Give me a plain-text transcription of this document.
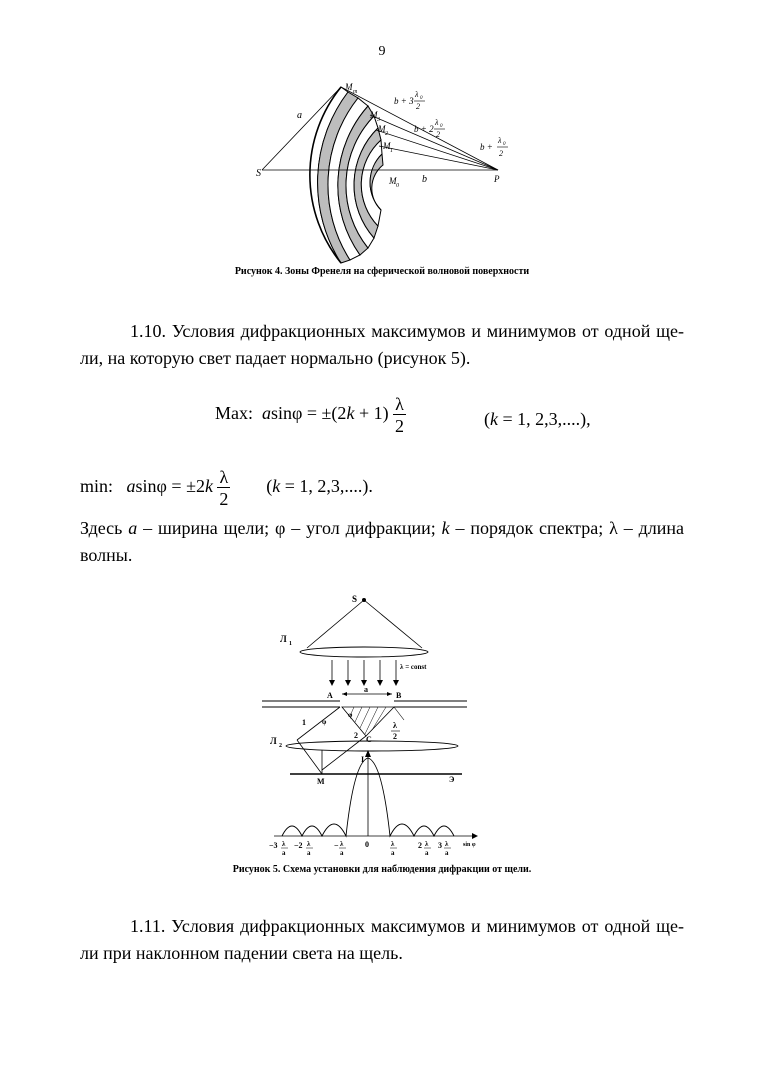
9
M m
M 3
M 2
M 1
M 0
S	P
a
b
b + 3
λ 0
2
b + 2
λ 0
2
b +
λ 0
2
Рисунок 4. Зоны Френеля на сферической волновой поверхности
1.10. Условия дифракционных максимумов и минимумов от одной ще-ли, на которую свет падает нормально (рисунок 5).
Max: $asin\varphi = \pm(2k + 1) \frac{\lambda}{2}$	(k = 1, 2,3,....),
min: $asin\varphi = \pm 2k \frac{\lambda}{2} (k = 1$, 2,3,....).
Здесь a – ширина щели; φ – угол дифракции; k – порядок спектра; λ – длина волны.
S
Л 1
λ = const
A	B
a
λ
2
φ
1
2 C
φ
Л 2
M	Э
I
sin φ
−3 λ
a
−2 λ
a
− λ
a
0	λ
a
2 λ
a
3 λ
a
Рисунок 5. Схема установки для наблюдения дифракции от щели.
1.11. Условия дифракционных максимумов и минимумов от одной ще-ли при наклонном падении света на щель.
